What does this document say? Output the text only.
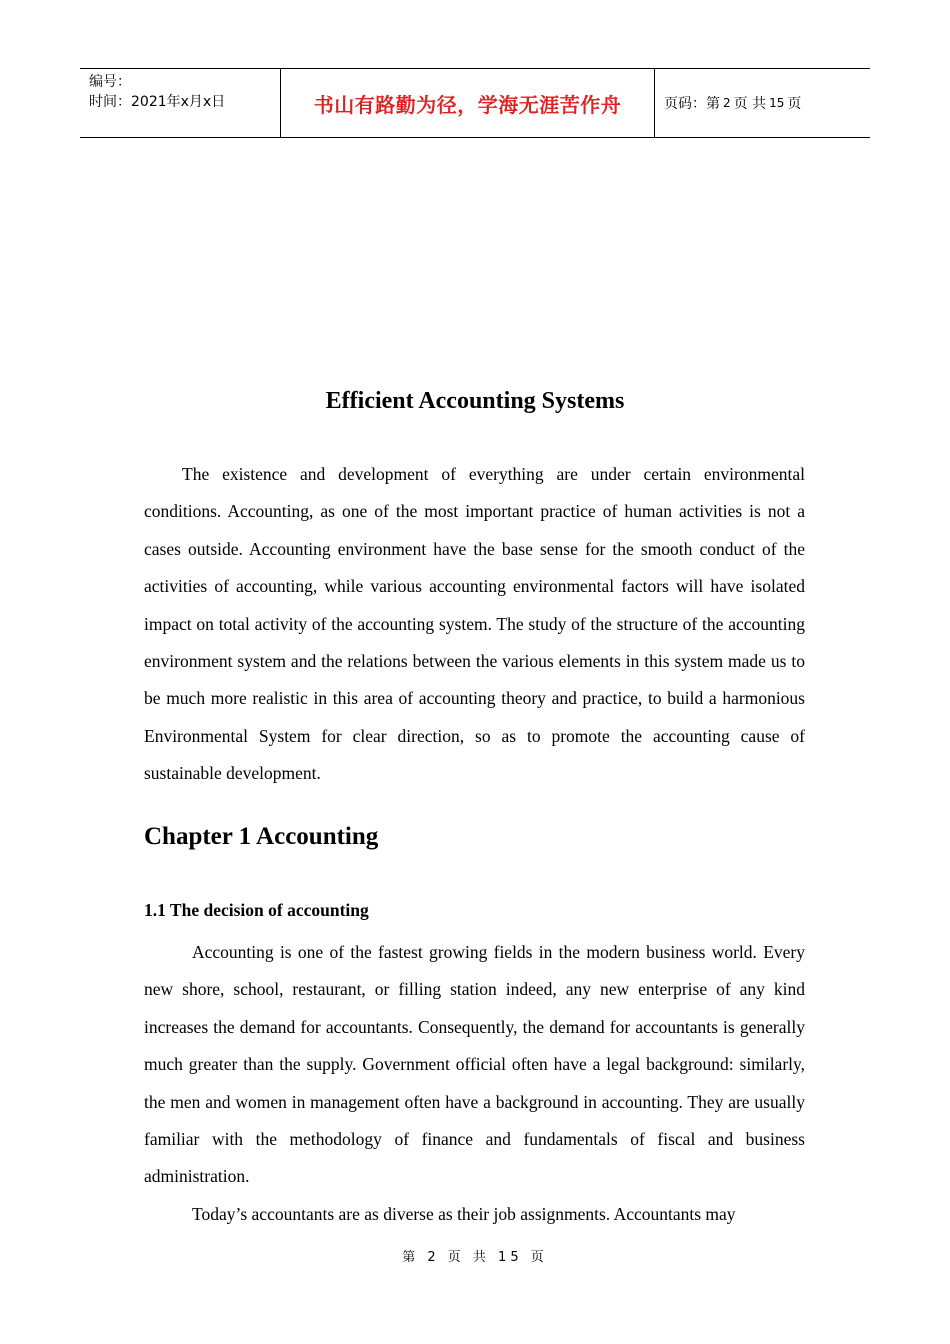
编号：
时间：2021年x月x日	书山有路勤为径，学海无涯苦作舟	页码：第 2 页 共 15 页
Efficient Accounting Systems

The existence and development of everything are under certain environmental conditions. Accounting, as one of the most important practice of human activities is not a cases outside. Accounting environment have the base sense for the smooth conduct of the activities of accounting, while various accounting environmental factors will have isolated impact on total activity of the accounting system. The study of the structure of the accounting environment system and the relations between the various elements in this system made us to be much more realistic in this area of accounting theory and practice, to build a harmonious Environmental System for clear direction, so as to promote the accounting cause of sustainable development.

Chapter 1 Accounting
1.1 The decision of accounting

Accounting is one of the fastest growing fields in the modern business world. Every new shore, school, restaurant, or filling station indeed, any new enterprise of any kind increases the demand for accountants. Consequently, the demand for accountants is generally much greater than the supply. Government official often have a legal background: similarly, the men and women in management often have a background in accounting. They are usually familiar with the methodology of finance and fundamentals of fiscal and business administration.

Today’s accountants are as diverse as their job assignments. Accountants may

第 2 页 共 15 页
